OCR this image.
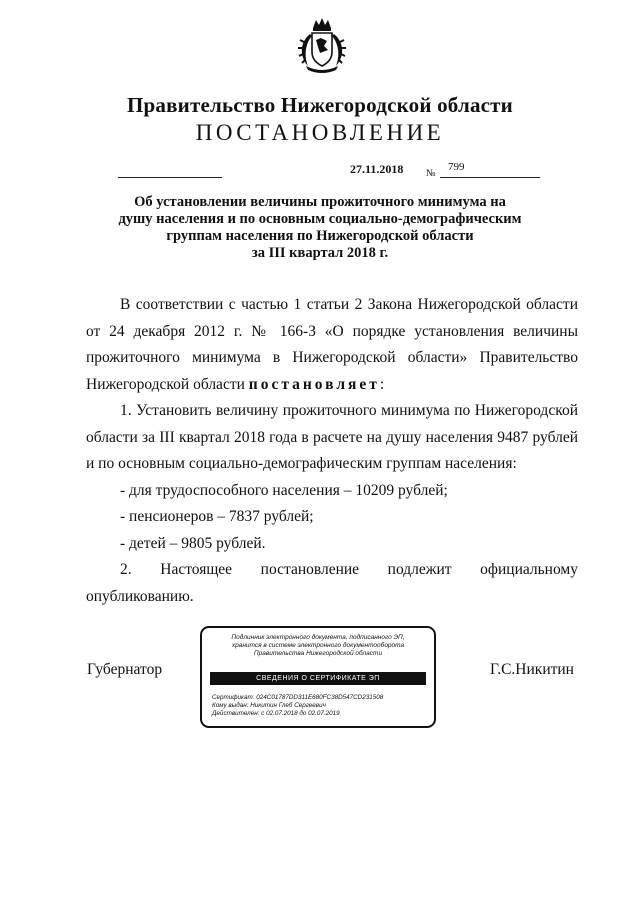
Правительство Нижегородской области
ПОСТАНОВЛЕНИЕ
27.11.2018 №
799
Об установлении величины прожиточного минимума на
душу населения и по основным социально-демографическим
группам населения по Нижегородской области
за III квартал 2018 г.

В соответствии с частью 1 статьи 2 Закона Нижегородской области от 24 декабря 2012 г. № 166-З «О порядке установления величины прожиточного минимума в Нижегородской области» Правительство Нижегородской области постановляет:

1. Установить величину прожиточного минимума по Нижегородской области за III квартал 2018 года в расчете на душу населения 9487 рублей и по основным социально-демографическим группам населения:

- для трудоспособного населения – 10209 рублей;

- пенсионеров – 7837 рублей;

- детей – 9805 рублей.

2. Настоящее постановление подлежит официальному

опубликованию.

Губернатор	Г.С.Никитин
Подлинник электронного документа, подписанного ЭП,
хранится в системе электронного документооборота
Правительства Нижегородской области
СВЕДЕНИЯ О СЕРТИФИКАТЕ ЭП
Сертификат: 024C01787DD311E680FC38D547CD231508
Кому выдан: Никитин Глеб Сергеевич
Действителен: с 02.07.2018 до 02.07.2019
